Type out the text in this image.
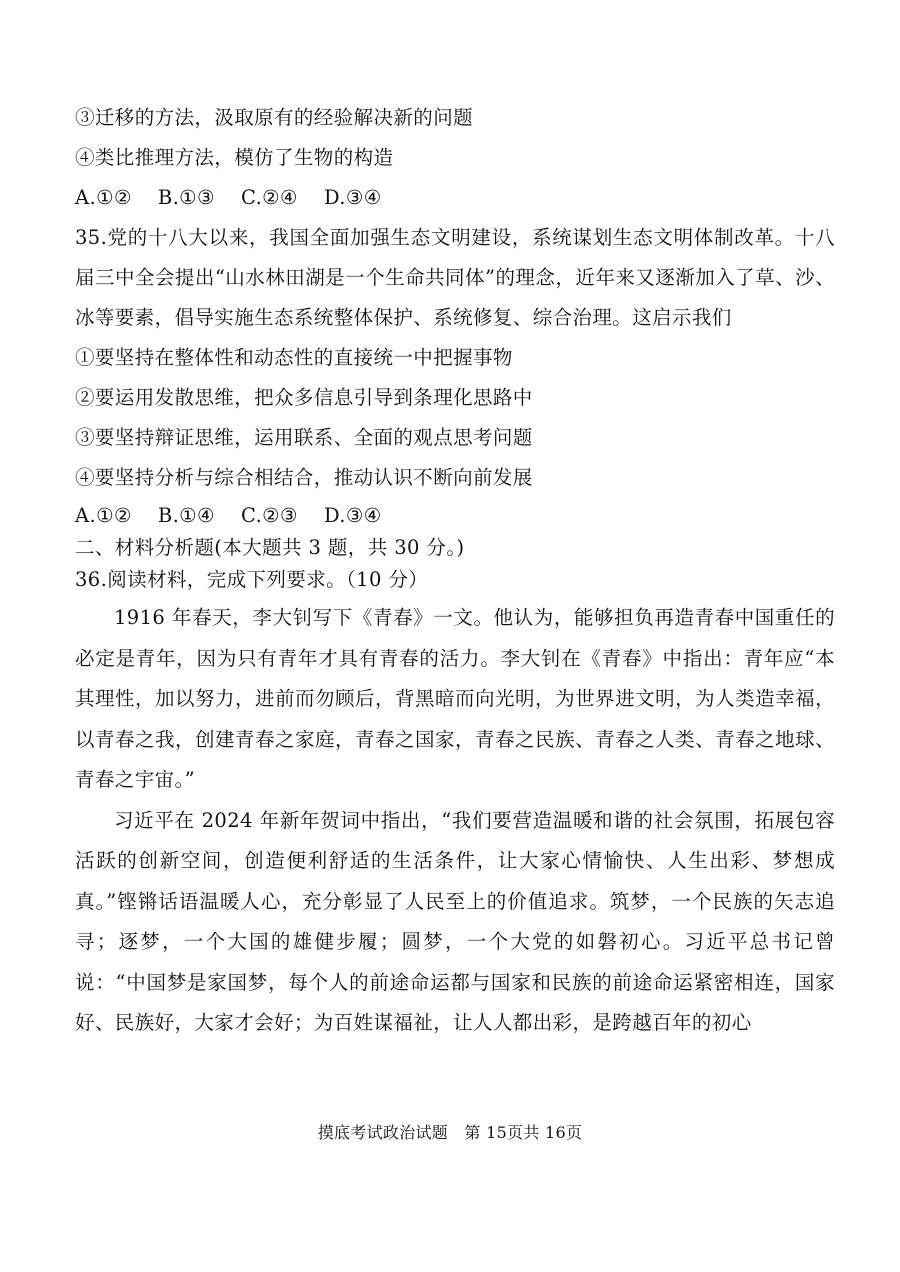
③迁移的方法，汲取原有的经验解决新的问题
④类比推理方法，模仿了生物的构造
A.①② B.①③ C.②④ D.③④

35.党的十八大以来，我国全面加强生态文明建设，系统谋划生态文明体制改革。十八届三中全会提出“山水林田湖是一个生命共同体”的理念，近年来又逐渐加入了草、沙、冰等要素，倡导实施生态系统整体保护、系统修复、综合治理。这启示我们

①要坚持在整体性和动态性的直接统一中把握事物
②要运用发散思维，把众多信息引导到条理化思路中
③要坚持辩证思维，运用联系、全面的观点思考问题
④要坚持分析与综合相结合，推动认识不断向前发展
A.①② B.①④ C.②③ D.③④
二、材料分析题(本大题共 3 题，共 30 分。)
36.阅读材料，完成下列要求。（10 分）

1916 年春天，李大钊写下《青春》一文。他认为，能够担负再造青春中国重任的必定是青年，因为只有青年才具有青春的活力。李大钊在《青春》中指出：青年应“本其理性，加以努力，进前而勿顾后，背黑暗而向光明，为世界进文明，为人类造幸福，以青春之我，创建青春之家庭，青春之国家，青春之民族、青春之人类、青春之地球、青春之宇宙。”

习近平在 2024 年新年贺词中指出，“我们要营造温暖和谐的社会氛围，拓展包容活跃的创新空间，创造便利舒适的生活条件，让大家心情愉快、人生出彩、梦想成真。”铿锵话语温暖人心，充分彰显了人民至上的价值追求。筑梦，一个民族的矢志追寻；逐梦，一个大国的雄健步履；圆梦，一个大党的如磐初心。习近平总书记曾说：“中国梦是家国梦，每个人的前途命运都与国家和民族的前途命运紧密相连，国家好、民族好，大家才会好；为百姓谋福祉，让人人都出彩，是跨越百年的初心

摸底考试政治试题　第 15页共 16页
